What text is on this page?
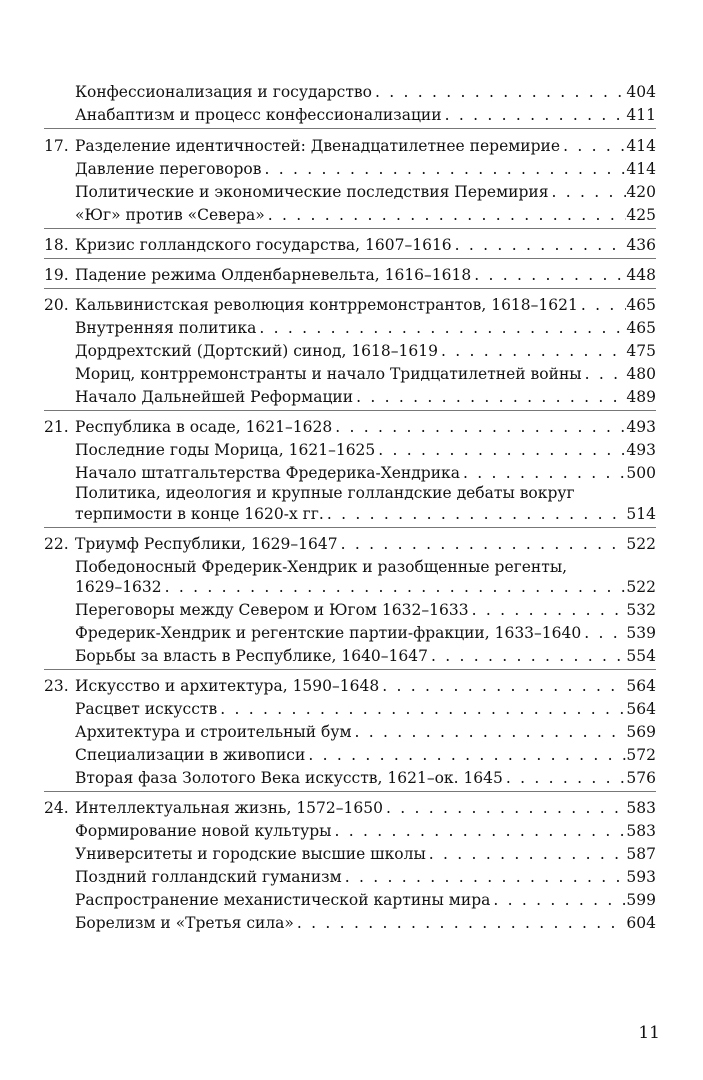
Конфессионализация и государство . . .	404
Анабаптизм и процесс конфессионализации . . .	411
17. Разделение идентичностей: Двенадцатилетнее перемирие . . .	414
Давление переговоров . . .	414
Политические и экономические последствия Перемирия . . .	420
«Юг» против «Севера» . . .	425
18. Кризис голландского государства, 1607–1616 . . .	436
19. Падение режима Олденбарневельта, 1616–1618 . . .	448
20. Кальвинистская революция контрремонстрантов, 1618–1621 . . .	465
Внутренняя политика . . .	465
Дордрехтский (Дортский) синод, 1618–1619 . . .	475
Мориц, контрремонстранты и начало Тридцатилетней войны . . .	480
Начало Дальнейшей Реформации . . .	489
21. Республика в осаде, 1621–1628 . . .	493
Последние годы Морица, 1621–1625 . . .	493
Начало штатгальтерства Фредерика-Хендрика . . .	500
Политика, идеология и крупные голландские дебаты вокруг
терпимости в конце 1620-х гг. . . .	514
22. Триумф Республики, 1629–1647 . . .	522
Победоносный Фредерик-Хендрик и разобщенные регенты,
1629–1632 . . .	522
Переговоры между Севером и Югом 1632–1633 . . .	532
Фредерик-Хендрик и регентские партии-фракции, 1633–1640 . . .	539
Борьбы за власть в Республике, 1640–1647 . . .	554
23. Искусство и архитектура, 1590–1648 . . .	564
Расцвет искусств . . .	564
Архитектура и строительный бум . . .	569
Специализации в живописи . . .	572
Вторая фаза Золотого Века искусств, 1621–ок. 1645 . . .	576
24. Интеллектуальная жизнь, 1572–1650 . . .	583
Формирование новой культуры . . .	583
Университеты и городские высшие школы . . .	587
Поздний голландский гуманизм . . .	593
Распространение механистической картины мира . . .	599
Борелизм и «Третья сила» . . .	604
11
